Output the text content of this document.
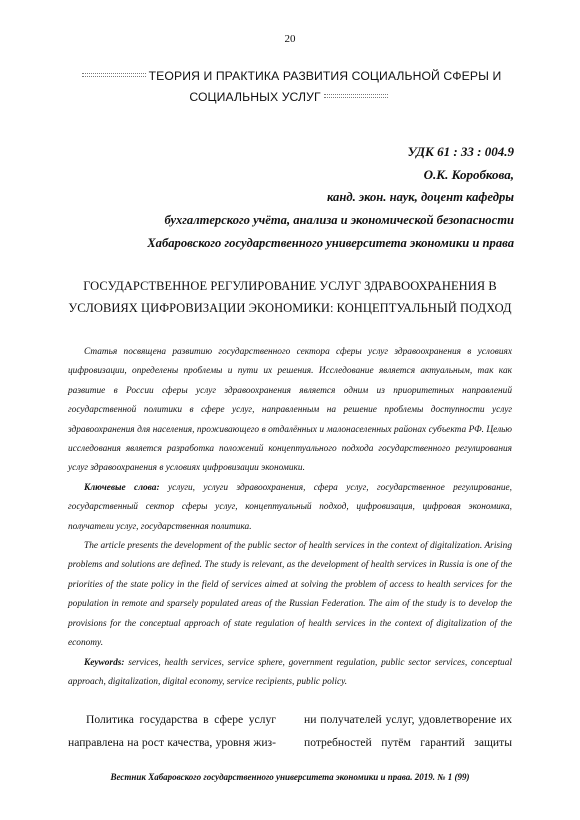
20
ТЕОРИЯ И ПРАКТИКА РАЗВИТИЯ СОЦИАЛЬНОЙ СФЕРЫ И
СОЦИАЛЬНЫХ УСЛУГ
УДК 61 : 33 : 004.9
О.К. Коробкова,
канд. экон. наук, доцент кафедры
бухгалтерского учёта, анализа и экономической безопасности
Хабаровского государственного университета экономики и права
ГОСУДАРСТВЕННОЕ РЕГУЛИРОВАНИЕ УСЛУГ ЗДРАВООХРАНЕНИЯ В
УСЛОВИЯХ ЦИФРОВИЗАЦИИ ЭКОНОМИКИ: КОНЦЕПТУАЛЬНЫЙ ПОДХОД

Статья посвящена развитию государственного сектора сферы услуг здравоохранения в условиях цифровизации, определены проблемы и пути их решения. Исследование является актуальным, так как развитие в России сферы услуг здравоохранения является одним из приоритетных направлений государственной политики в сфере услуг, направленным на решение проблемы доступности услуг здравоохранения для населения, проживающего в отдалённых и малонаселенных районах субъекта РФ. Целью исследования является разработка положений концептуального подхода государственного регулирования услуг здравоохранения в условиях цифровизации экономики.

Ключевые слова: услуги, услуги здравоохранения, сфера услуг, государственное регулирование, государственный сектор сферы услуг, концептуальный подход, цифровизация, цифровая экономика, получатели услуг, государственная политика.

The article presents the development of the public sector of health services in the context of digitalization. Arising problems and solutions are defined. The study is relevant, as the development of health services in Russia is one of the priorities of the state policy in the field of services aimed at solving the problem of access to health services for the population in remote and sparsely populated areas of the Russian Federation. The aim of the study is to develop the provisions for the conceptual approach of state regulation of health services in the context of digitalization of the economy.

Keywords: services, health services, service sphere, government regulation, public sector services, conceptual approach, digitalization, digital economy, service recipients, public policy.

Политика государства в сфере услуг направлена на рост качества, уровня жиз-

ни получателей услуг, удовлетворение их потребностей путём гарантий защиты

Вестник Хабаровского государственного университета экономики и права. 2019. № 1 (99)
